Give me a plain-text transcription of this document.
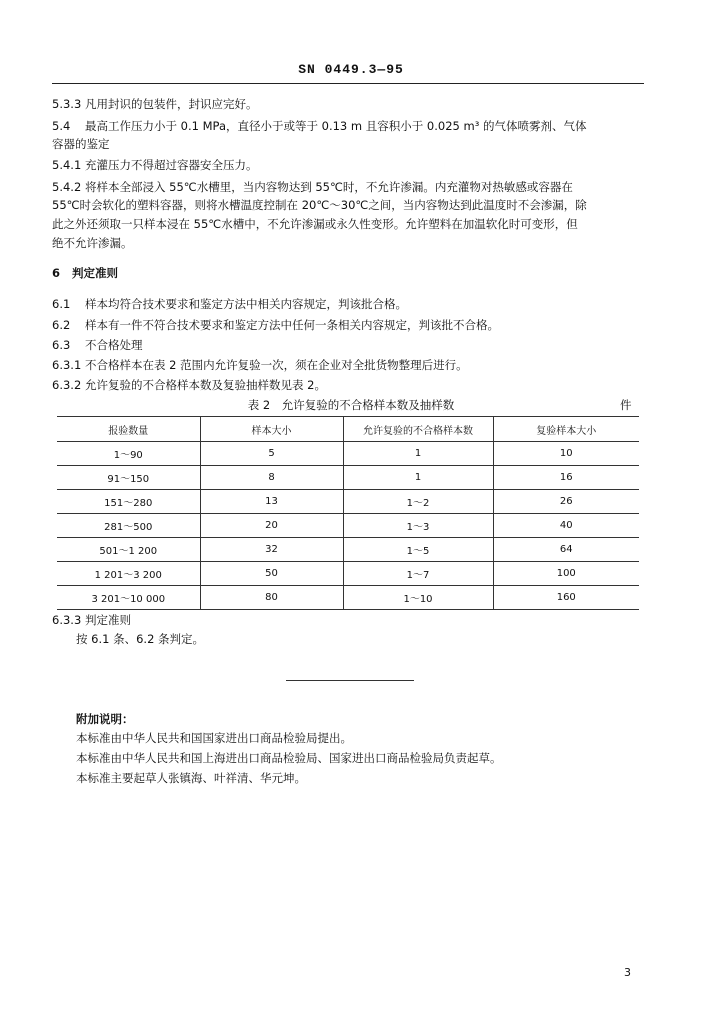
SN 0449.3—95
5.3.3 凡用封识的包装件，封识应完好。
5.4 最高工作压力小于 0.1 MPa，直径小于或等于 0.13 m 且容积小于 0.025 m³ 的气体喷雾剂、气体
容器的鉴定
5.4.1 充灌压力不得超过容器安全压力。
5.4.2 将样本全部浸入 55℃水槽里，当内容物达到 55℃时，不允许渗漏。内充灌物对热敏感或容器在
55℃时会软化的塑料容器，则将水槽温度控制在 20℃～30℃之间，当内容物达到此温度时不会渗漏，除
此之外还须取一只样本浸在 55℃水槽中，不允许渗漏或永久性变形。允许塑料在加温软化时可变形，但
绝不允许渗漏。
6 判定准则
6.1 样本均符合技术要求和鉴定方法中相关内容规定，判该批合格。
6.2 样本有一件不符合技术要求和鉴定方法中任何一条相关内容规定，判该批不合格。
6.3 不合格处理
6.3.1 不合格样本在表 2 范围内允许复验一次，须在企业对全批货物整理后进行。
6.3.2 允许复验的不合格样本数及复验抽样数见表 2。
表 2　允许复验的不合格样本数及抽样数	件
报验数量	样本大小	允许复验的不合格样本数	复验样本大小
1～90	5	1	10
91～150	8	1	16
151～280	13	1～2	26
281～500	20	1～3	40
501～1 200	32	1～5	64
1 201～3 200	50	1～7	100
3 201～10 000	80	1～10	160
6.3.3 判定准则
按 6.1 条、6.2 条判定。
附加说明：
本标准由中华人民共和国国家进出口商品检验局提出。
本标准由中华人民共和国上海进出口商品检验局、国家进出口商品检验局负责起草。
本标准主要起草人张镇海、叶祥清、华元坤。
3
